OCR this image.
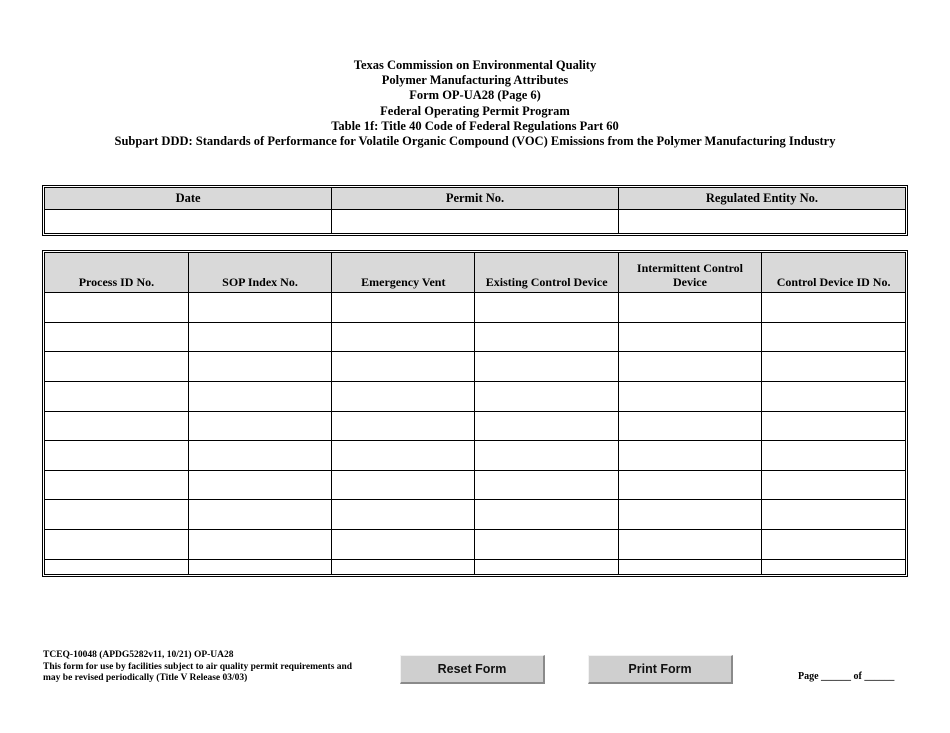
Texas Commission on Environmental Quality
Polymer Manufacturing Attributes
Form OP-UA28 (Page 6)
Federal Operating Permit Program
Table 1f: Title 40 Code of Federal Regulations Part 60
Subpart DDD: Standards of Performance for Volatile Organic Compound (VOC) Emissions from the Polymer Manufacturing Industry
Date	Permit No.	Regulated Entity No.

Process ID No.	SOP Index No.	Emergency Vent	Existing Control Device	Intermittent Control Device	Control Device ID No.

TCEQ-10048 (APDG5282v11, 10/21) OP-UA28
This form for use by facilities subject to air quality permit requirements and
may be revised periodically (Title V Release 03/03)
Reset Form	Print Form
Page ______ of ______
